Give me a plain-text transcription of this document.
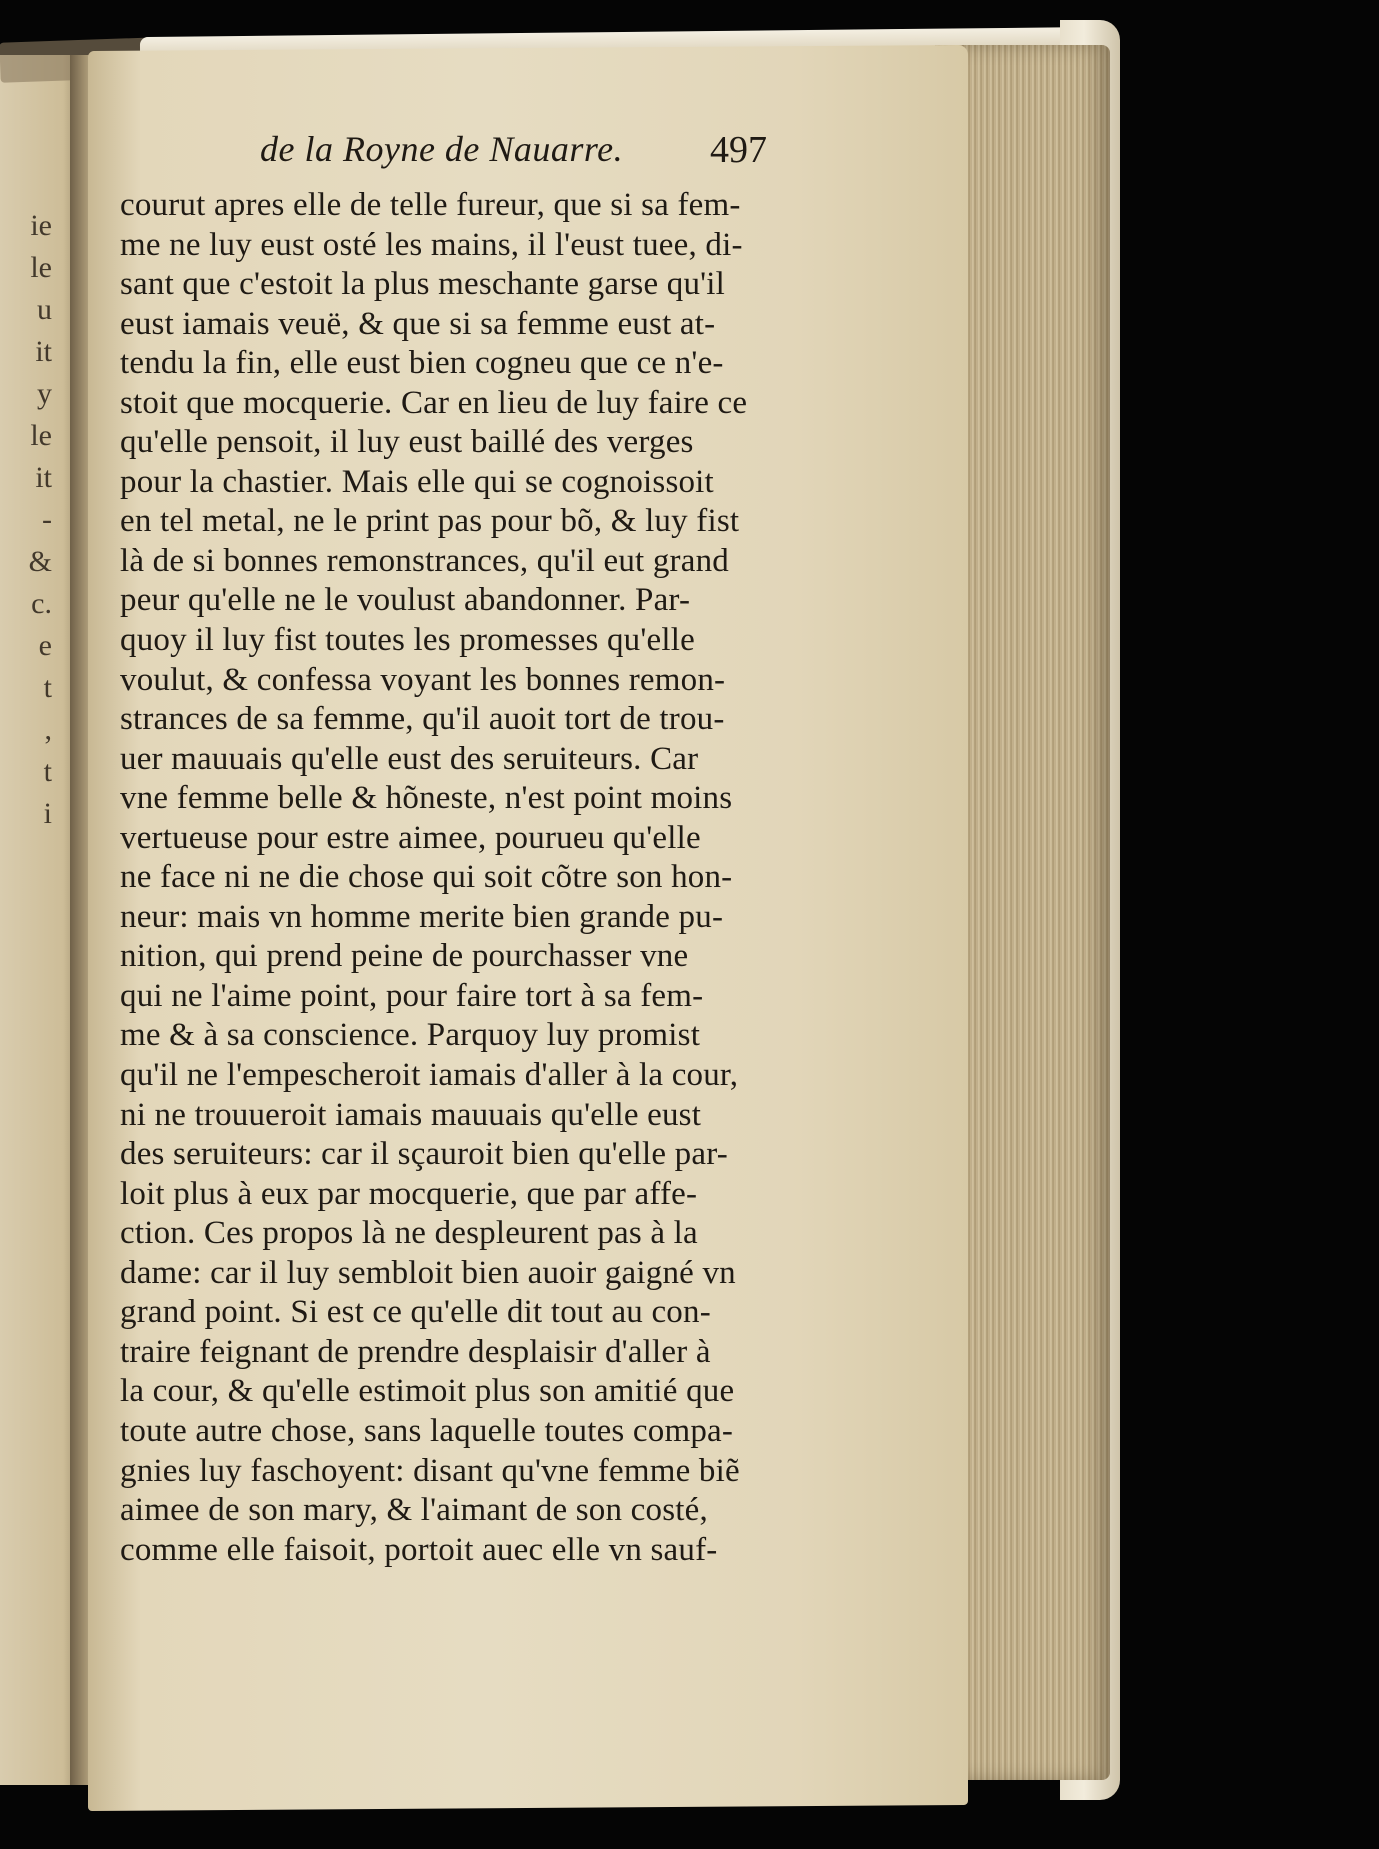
ie
le
u
it
y
le
it
-
&
c.
e
t
,
t
i
de la Royne de Nauarre. 497
courut apres elle de telle fureur, que si sa fem-
me ne luy eust osté les mains, il l'eust tuee, di-
sant que c'estoit la plus meschante garse qu'il
eust iamais veuë, & que si sa femme eust at-
tendu la fin, elle eust bien cogneu que ce n'e-
stoit que mocquerie. Car en lieu de luy faire ce
qu'elle pensoit, il luy eust baillé des verges
pour la chastier. Mais elle qui se cognoissoit
en tel metal, ne le print pas pour bõ, & luy fist
là de si bonnes remonstrances, qu'il eut grand
peur qu'elle ne le voulust abandonner. Par-
quoy il luy fist toutes les promesses qu'elle
voulut, & confessa voyant les bonnes remon-
strances de sa femme, qu'il auoit tort de trou-
uer mauuais qu'elle eust des seruiteurs. Car
vne femme belle & hõneste, n'est point moins
vertueuse pour estre aimee, pourueu qu'elle
ne face ni ne die chose qui soit cõtre son hon-
neur: mais vn homme merite bien grande pu-
nition, qui prend peine de pourchasser vne
qui ne l'aime point, pour faire tort à sa fem-
me & à sa conscience. Parquoy luy promist
qu'il ne l'empescheroit iamais d'aller à la cour,
ni ne trouueroit iamais mauuais qu'elle eust
des seruiteurs: car il sçauroit bien qu'elle par-
loit plus à eux par mocquerie, que par affe-
ction. Ces propos là ne despleurent pas à la
dame: car il luy sembloit bien auoir gaigné vn
grand point. Si est ce qu'elle dit tout au con-
traire feignant de prendre desplaisir d'aller à
la cour, & qu'elle estimoit plus son amitié que
toute autre chose, sans laquelle toutes compa-
gnies luy faschoyent: disant qu'vne femme biẽ
aimee de son mary, & l'aimant de son costé,
comme elle faisoit, portoit auec elle vn sauf-
